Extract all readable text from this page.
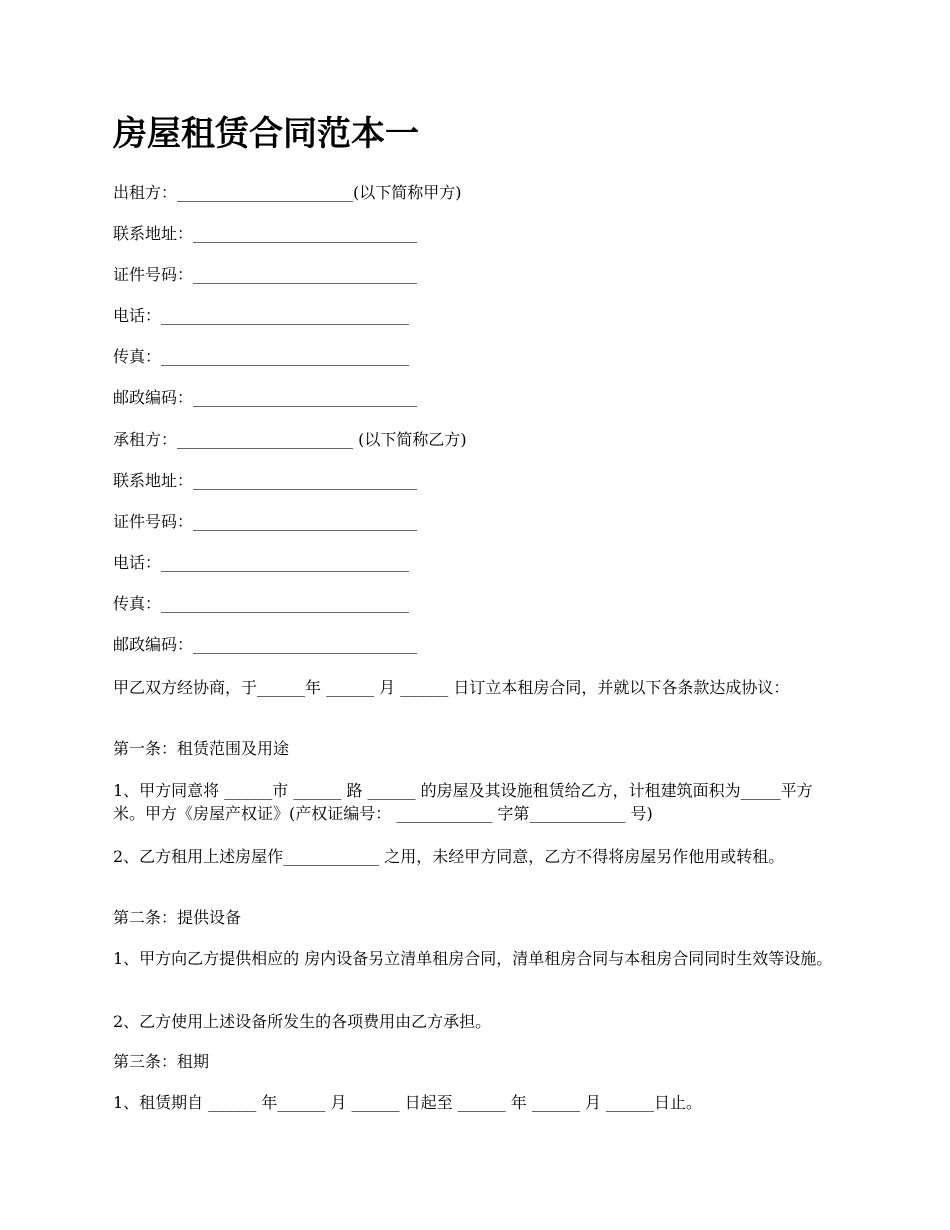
房屋租赁合同范本一

出租方：______________________(以下简称甲方)

联系地址：____________________________

证件号码：____________________________

电话：_______________________________

传真：_______________________________

邮政编码：____________________________

承租方：______________________ (以下简称乙方)

联系地址：____________________________

证件号码：____________________________

电话：_______________________________

传真：_______________________________

邮政编码：____________________________

甲乙双方经协商，于______年 ______ 月 ______ 日订立本租房合同，并就以下各条款达成协议：

第一条：租赁范围及用途

1、甲方同意将 ______市 ______ 路 ______ 的房屋及其设施租赁给乙方，计租建筑面积为_____平方米。甲方《房屋产权证》(产权证编号： ____________ 字第____________ 号)

2、乙方租用上述房屋作____________ 之用，未经甲方同意，乙方不得将房屋另作他用或转租。

第二条：提供设备

1、甲方向乙方提供相应的 房内设备另立清单租房合同，清单租房合同与本租房合同同时生效等设施。

2、乙方使用上述设备所发生的各项费用由乙方承担。

第三条：租期

1、租赁期自 ______ 年______ 月 ______ 日起至 ______ 年 ______ 月 ______日止。
